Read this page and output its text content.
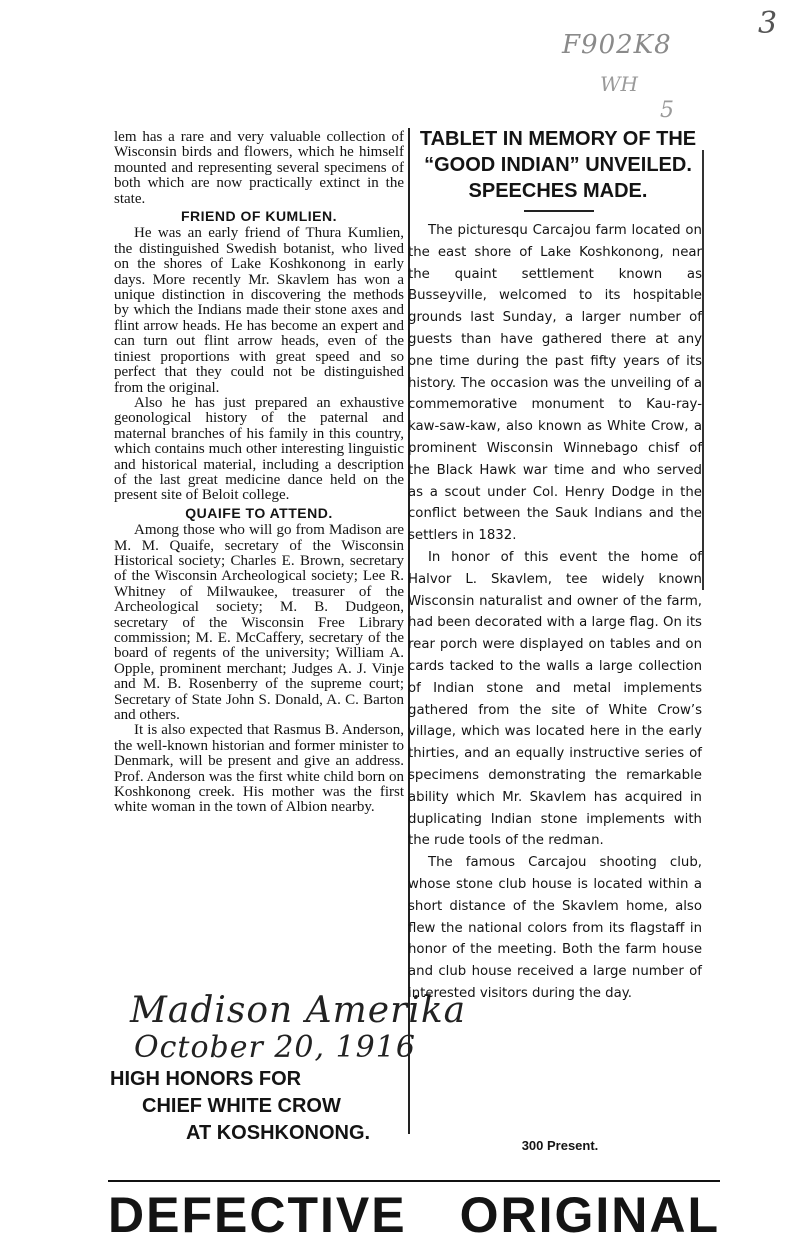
3
F902K8
WH
5

lem has a rare and very valuable collection of Wisconsin birds and flowers, which he himself mounted and representing several specimens of both which are now practically extinct in the state.

FRIEND OF KUMLIEN.

He was an early friend of Thura Kumlien, the distinguished Swedish botanist, who lived on the shores of Lake Koshkonong in early days. More recently Mr. Skavlem has won a unique distinction in discovering the methods by which the Indians made their stone axes and flint arrow heads. He has become an expert and can turn out flint arrow heads, even of the tiniest proportions with great speed and so perfect that they could not be distinguished from the original.

Also he has just prepared an exhaustive geonological history of the paternal and maternal branches of his family in this country, which contains much other interesting linguistic and historical material, including a description of the last great medicine dance held on the present site of Beloit college.

QUAIFE TO ATTEND.

Among those who will go from Madison are M. M. Quaife, secretary of the Wisconsin Historical society; Charles E. Brown, secretary of the Wisconsin Archeological society; Lee R. Whitney of Milwaukee, treasurer of the Archeological society; M. B. Dudgeon, secretary of the Wisconsin Free Library commission; M. E. McCaffery, secretary of the board of regents of the university; William A. Opple, prominent merchant; Judges A. J. Vinje and M. B. Rosenberry of the supreme court; Secretary of State John S. Donald, A. C. Barton and others.

It is also expected that Rasmus B. Anderson, the well-known historian and former minister to Denmark, will be present and give an address. Prof. Anderson was the first white child born on Koshkonong creek. His mother was the first white woman in the town of Albion nearby.

Madison Amerika
October 20, 1916
HIGH HONORS FOR
CHIEF WHITE CROW
AT KOSHKONONG.
TABLET IN MEMORY OF THE
“GOOD INDIAN” UNVEILED.
SPEECHES MADE.

The picturesqu Carcajou farm located on the east shore of Lake Koshkonong, near the quaint settlement known as Busseyville, welcomed to its hospitable grounds last Sunday, a larger number of guests than have gathered there at any one time during the past fifty years of its history. The occasion was the unveiling of a commemorative monument to Kau-ray-kaw-saw-kaw, also known as White Crow, a prominent Wisconsin Winnebago chisf of the Black Hawk war time and who served as a scout under Col. Henry Dodge in the conflict between the Sauk Indians and the settlers in 1832.

In honor of this event the home of Halvor L. Skavlem, tee widely known Wisconsin naturalist and owner of the farm, had been decorated with a large flag. On its rear porch were displayed on tables and on cards tacked to the walls a large collection of Indian stone and metal implements gathered from the site of White Crow’s village, which was located here in the early thirties, and an equally instructive series of specimens demonstrating the remarkable ability which Mr. Skavlem has acquired in duplicating Indian stone implements with the rude tools of the redman.

The famous Carcajou shooting club, whose stone club house is located within a short distance of the Skavlem home, also flew the national colors from its flagstaff in honor of the meeting. Both the farm house and club house received a large number of interested visitors during the day.

300 Present.
DEFECTIVE ORIGINAL
